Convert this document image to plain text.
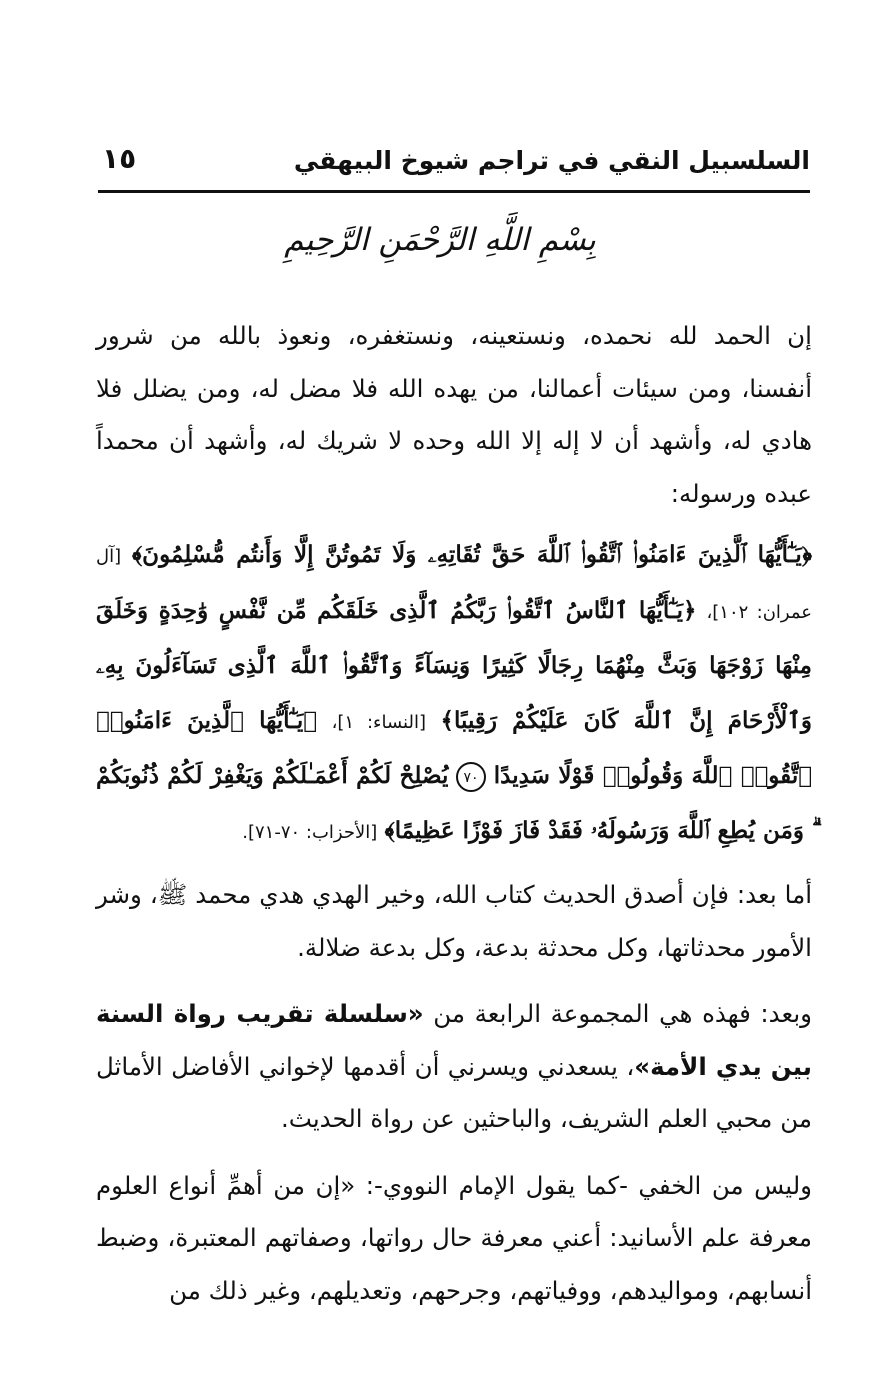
السلسبيل النقي في تراجم شيوخ البيهقي
١٥
بِسْمِ اللَّهِ الرَّحْمَنِ الرَّحِيمِ

إن الحمد لله نحمده، ونستعينه، ونستغفره، ونعوذ بالله من شرور أنفسنا، ومن سيئات أعمالنا، من يهده الله فلا مضل له، ومن يضلل فلا هادي له، وأشهد أن لا إله إلا الله وحده لا شريك له، وأشهد أن محمداً عبده ورسوله:

﴿يَـٰٓأَيُّهَا ٱلَّذِينَ ءَامَنُوا۟ ٱتَّقُوا۟ ٱللَّهَ حَقَّ تُقَاتِهِۦ وَلَا تَمُوتُنَّ إِلَّا وَأَنتُم مُّسْلِمُونَ﴾ [آل عمران: ١٠٢]، ﴿يَـٰٓأَيُّهَا ٱلنَّاسُ ٱتَّقُوا۟ رَبَّكُمُ ٱلَّذِى خَلَقَكُم مِّن نَّفْسٍ وَٰحِدَةٍ وَخَلَقَ مِنْهَا زَوْجَهَا وَبَثَّ مِنْهُمَا رِجَالًا كَثِيرًا وَنِسَآءً وَٱتَّقُوا۟ ٱللَّهَ ٱلَّذِى تَسَآءَلُونَ بِهِۦ وَٱلْأَرْحَامَ إِنَّ ٱللَّهَ كَانَ عَلَيْكُمْ رَقِيبًا﴾ [النساء: ١]، ﴿يَـٰٓأَيُّهَا ٱلَّذِينَ ءَامَنُوا۟ ٱتَّقُوا۟ ٱللَّهَ وَقُولُوا۟ قَوْلًا سَدِيدًا ٧٠ يُصْلِحْ لَكُمْ أَعْمَـٰلَكُمْ وَيَغْفِرْ لَكُمْ ذُنُوبَكُمْ ۗ وَمَن يُطِعِ ٱللَّهَ وَرَسُولَهُۥ فَقَدْ فَازَ فَوْزًا عَظِيمًا﴾ [الأحزاب: ٧٠-٧١].

أما بعد: فإن أصدق الحديث كتاب الله، وخير الهدي هدي محمد ﷺ، وشر الأمور محدثاتها، وكل محدثة بدعة، وكل بدعة ضلالة.

وبعد: فهذه هي المجموعة الرابعة من «سلسلة تقريب رواة السنة بين يدي الأمة»، يسعدني ويسرني أن أقدمها لإخواني الأفاضل الأماثل من محبي العلم الشريف، والباحثين عن رواة الحديث.

وليس من الخفي -كما يقول الإمام النووي-: «إن من أهمِّ أنواع العلوم معرفة علم الأسانيد: أعني معرفة حال رواتها، وصفاتهم المعتبرة، وضبط أنسابهم، ومواليدهم، ووفياتهم، وجرحهم، وتعديلهم، وغير ذلك من
